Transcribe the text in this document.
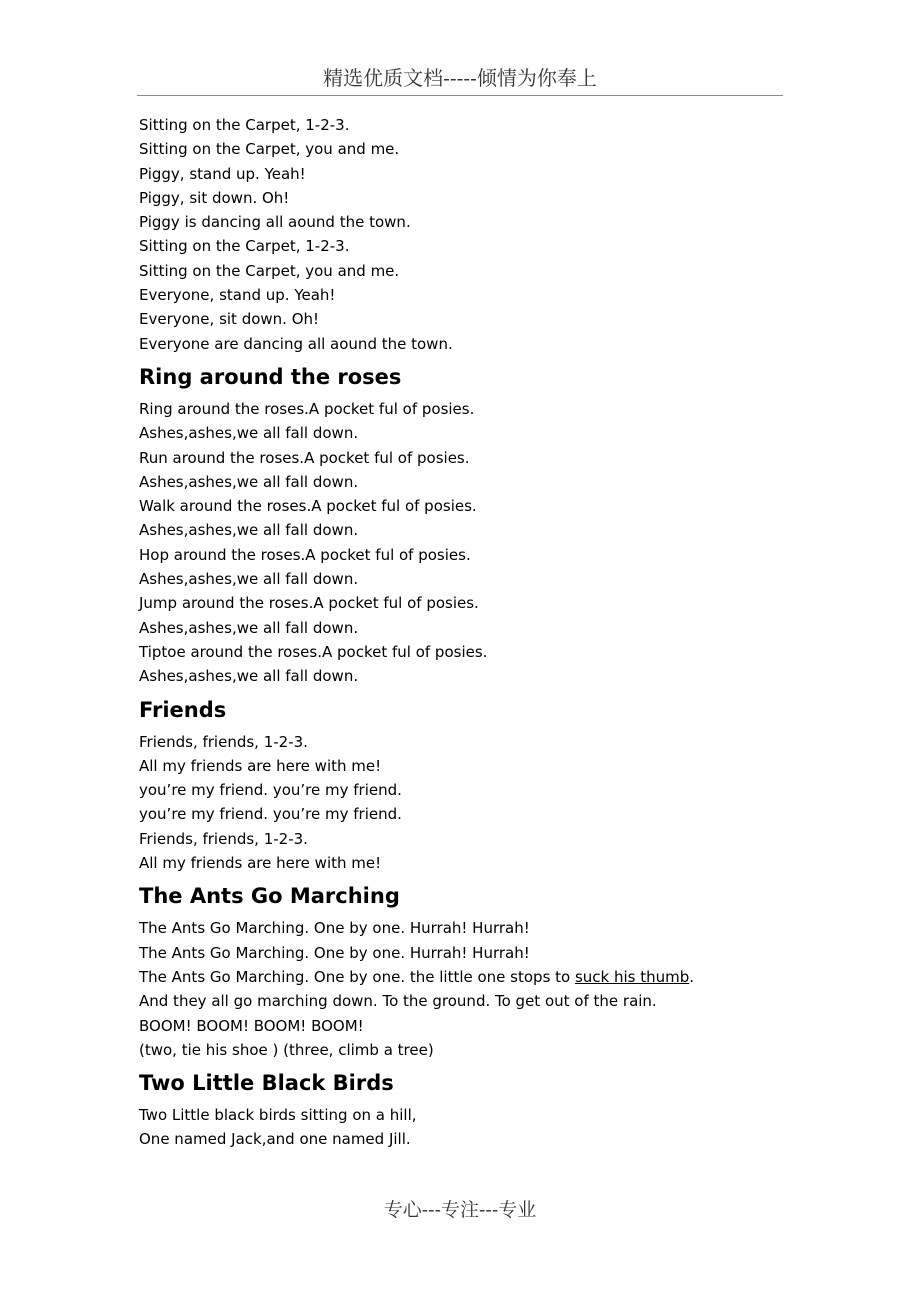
精选优质文档-----倾情为你奉上
Sitting on the Carpet, 1-2-3.
Sitting on the Carpet, you and me.
Piggy, stand up. Yeah!
Piggy, sit down. Oh!
Piggy is dancing all aound the town.
Sitting on the Carpet, 1-2-3.
Sitting on the Carpet, you and me.
Everyone, stand up. Yeah!
Everyone, sit down. Oh!
Everyone are dancing all aound the town.
Ring around the roses
Ring around the roses.A pocket ful of posies.
Ashes,ashes,we all fall down.
Run around the roses.A pocket ful of posies.
Ashes,ashes,we all fall down.
Walk around the roses.A pocket ful of posies.
Ashes,ashes,we all fall down.
Hop around the roses.A pocket ful of posies.
Ashes,ashes,we all fall down.
Jump around the roses.A pocket ful of posies.
Ashes,ashes,we all fall down.
Tiptoe around the roses.A pocket ful of posies.
Ashes,ashes,we all fall down.
Friends
Friends, friends, 1-2-3.
All my friends are here with me!
you’re my friend. you’re my friend.
you’re my friend. you’re my friend.
Friends, friends, 1-2-3.
All my friends are here with me!
The Ants Go Marching
The Ants Go Marching. One by one. Hurrah! Hurrah!
The Ants Go Marching. One by one. Hurrah! Hurrah!
The Ants Go Marching. One by one. the little one stops to suck his thumb.
And they all go marching down. To the ground. To get out of the rain.
BOOM! BOOM! BOOM! BOOM!
(two, tie his shoe ) (three, climb a tree)
Two Little Black Birds
Two Little black birds sitting on a hill,
One named Jack,and one named Jill.
专心---专注---专业
